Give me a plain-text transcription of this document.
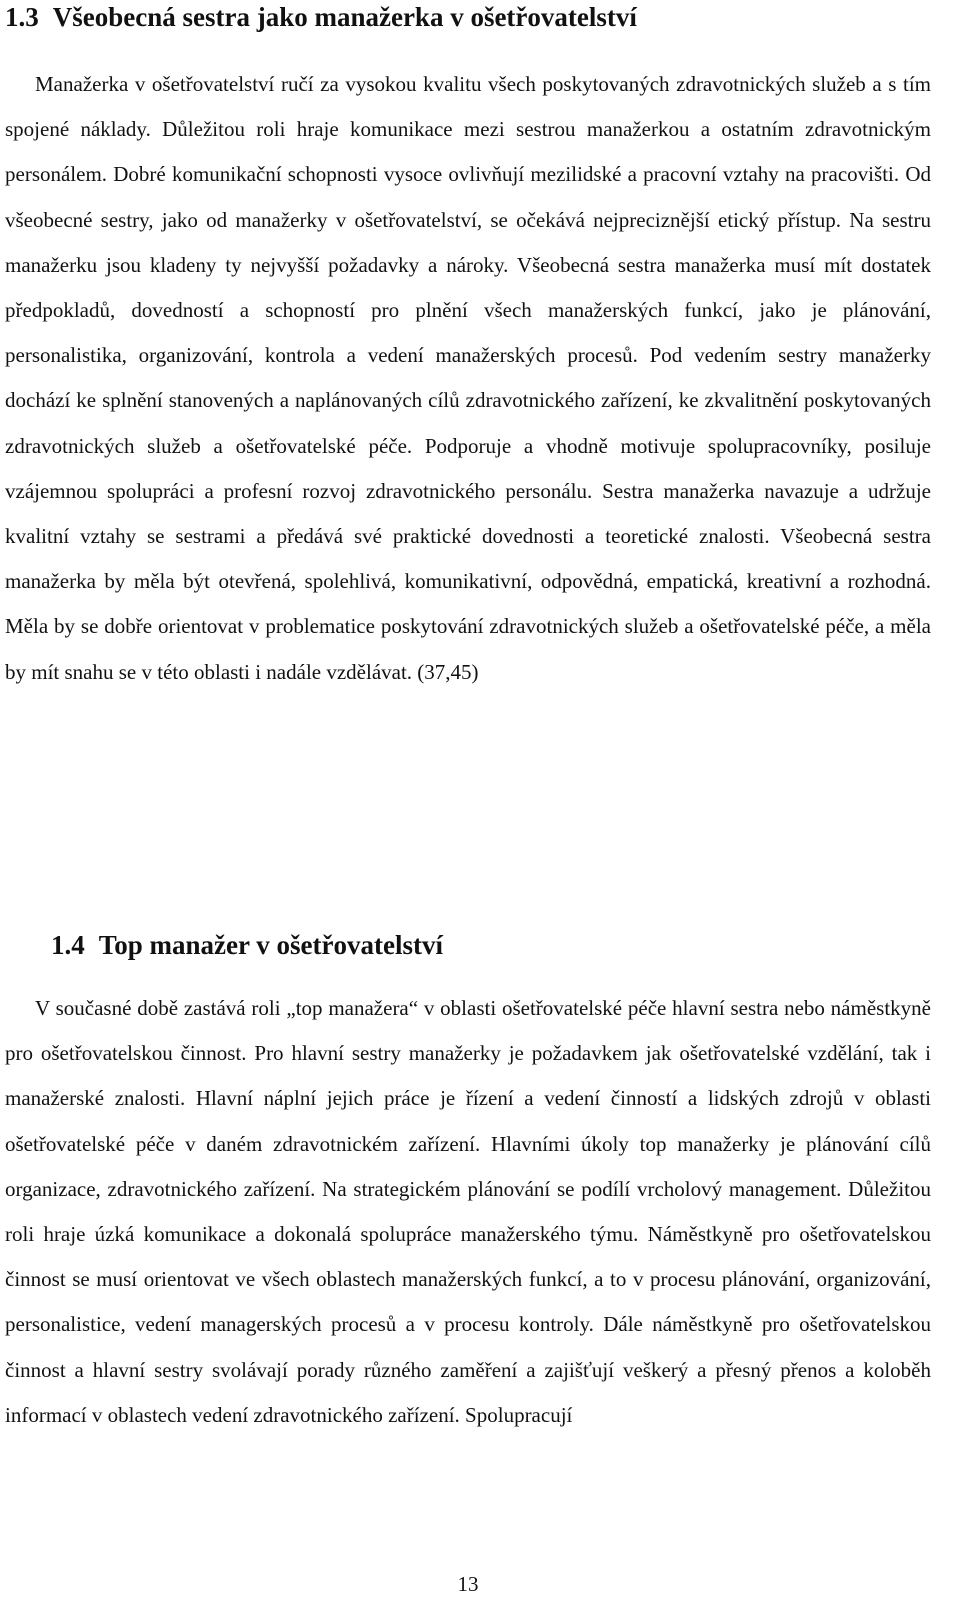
1.3 Všeobecná sestra jako manažerka v ošetřovatelství

Manažerka v ošetřovatelství ručí za vysokou kvalitu všech poskytovaných zdravotnických služeb a s tím spojené náklady. Důležitou roli hraje komunikace mezi sestrou manažerkou a ostatním zdravotnickým personálem. Dobré komunikační schopnosti vysoce ovlivňují mezilidské a pracovní vztahy na pracovišti. Od všeobecné sestry, jako od manažerky v ošetřovatelství, se očekává nejpreciznější etický přístup. Na sestru manažerku jsou kladeny ty nejvyšší požadavky a nároky. Všeobecná sestra manažerka musí mít dostatek předpokladů, dovedností a schopností pro plnění všech manažerských funkcí, jako je plánování, personalistika, organizování, kontrola a vedení manažerských procesů. Pod vedením sestry manažerky dochází ke splnění stanovených a naplánovaných cílů zdravotnického zařízení, ke zkvalitnění poskytovaných zdravotnických služeb a ošetřovatelské péče. Podporuje a vhodně motivuje spolupracovníky, posiluje vzájemnou spolupráci a profesní rozvoj zdravotnického personálu. Sestra manažerka navazuje a udržuje kvalitní vztahy se sestrami a předává své praktické dovednosti a teoretické znalosti. Všeobecná sestra manažerka by měla být otevřená, spolehlivá, komunikativní, odpovědná, empatická, kreativní a rozhodná. Měla by se dobře orientovat v problematice poskytování zdravotnických služeb a ošetřovatelské péče, a měla by mít snahu se v této oblasti i nadále vzdělávat. (37,45)

1.4 Top manažer v ošetřovatelství

V současné době zastává roli „top manažera“ v oblasti ošetřovatelské péče hlavní sestra nebo náměstkyně pro ošetřovatelskou činnost. Pro hlavní sestry manažerky je požadavkem jak ošetřovatelské vzdělání, tak i manažerské znalosti. Hlavní náplní jejich práce je řízení a vedení činností a lidských zdrojů v oblasti ošetřovatelské péče v daném zdravotnickém zařízení. Hlavními úkoly top manažerky je plánování cílů organizace, zdravotnického zařízení. Na strategickém plánování se podílí vrcholový management. Důležitou roli hraje úzká komunikace a dokonalá spolupráce manažerského týmu. Náměstkyně pro ošetřovatelskou činnost se musí orientovat ve všech oblastech manažerských funkcí, a to v procesu plánování, organizování, personalistice, vedení managerských procesů a v procesu kontroly. Dále náměstkyně pro ošetřovatelskou činnost a hlavní sestry svolávají porady různého zaměření a zajišťují veškerý a přesný přenos a koloběh informací v oblastech vedení zdravotnického zařízení. Spolupracují

13
